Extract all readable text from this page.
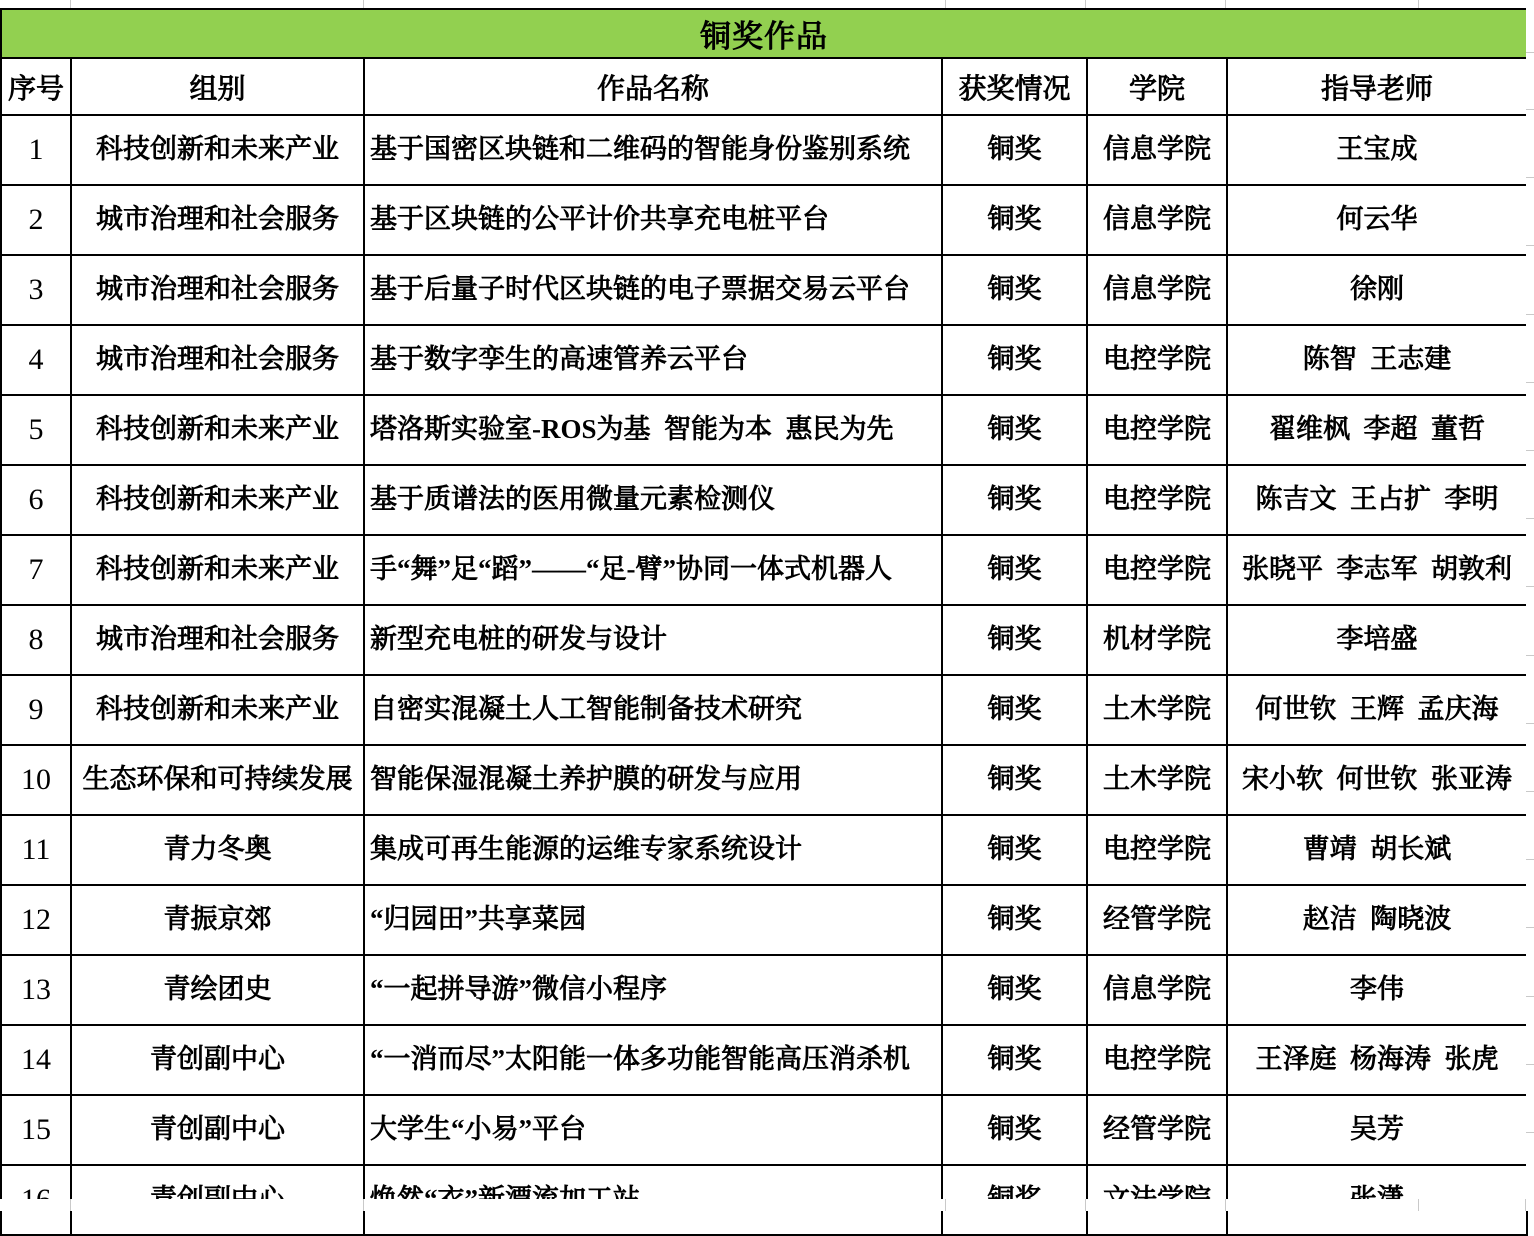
铜奖作品					
序号	组别	作品名称	获奖情况	学院	指导老师
1	科技创新和未来产业	基于国密区块链和二维码的智能身份鉴别系统	铜奖	信息学院	王宝成
2	城市治理和社会服务	基于区块链的公平计价共享充电桩平台	铜奖	信息学院	何云华
3	城市治理和社会服务	基于后量子时代区块链的电子票据交易云平台	铜奖	信息学院	徐刚
4	城市治理和社会服务	基于数字孪生的高速管养云平台	铜奖	电控学院	陈智  王志建
5	科技创新和未来产业	塔洛斯实验室-ROS为基  智能为本  惠民为先	铜奖	电控学院	翟维枫  李超  董哲
6	科技创新和未来产业	基于质谱法的医用微量元素检测仪	铜奖	电控学院	陈吉文  王占扩  李明
7	科技创新和未来产业	手“舞”足“蹈”——“足-臂”协同一体式机器人	铜奖	电控学院	张晓平  李志军  胡敦利
8	城市治理和社会服务	新型充电桩的研发与设计	铜奖	机材学院	李培盛
9	科技创新和未来产业	自密实混凝土人工智能制备技术研究	铜奖	土木学院	何世钦  王辉  孟庆海
10	生态环保和可持续发展	智能保湿混凝土养护膜的研发与应用	铜奖	土木学院	宋小软  何世钦  张亚涛
11	青力冬奥	集成可再生能源的运维专家系统设计	铜奖	电控学院	曹靖  胡长斌
12	青振京郊	“归园田”共享菜园	铜奖	经管学院	赵洁  陶晓波
13	青绘团史	“一起拼导游”微信小程序	铜奖	信息学院	李伟
14	青创副中心	“一消而尽”太阳能一体多功能智能高压消杀机	铜奖	电控学院	王泽庭  杨海涛  张虎
15	青创副中心	大学生“小易”平台	铜奖	经管学院	吴芳
